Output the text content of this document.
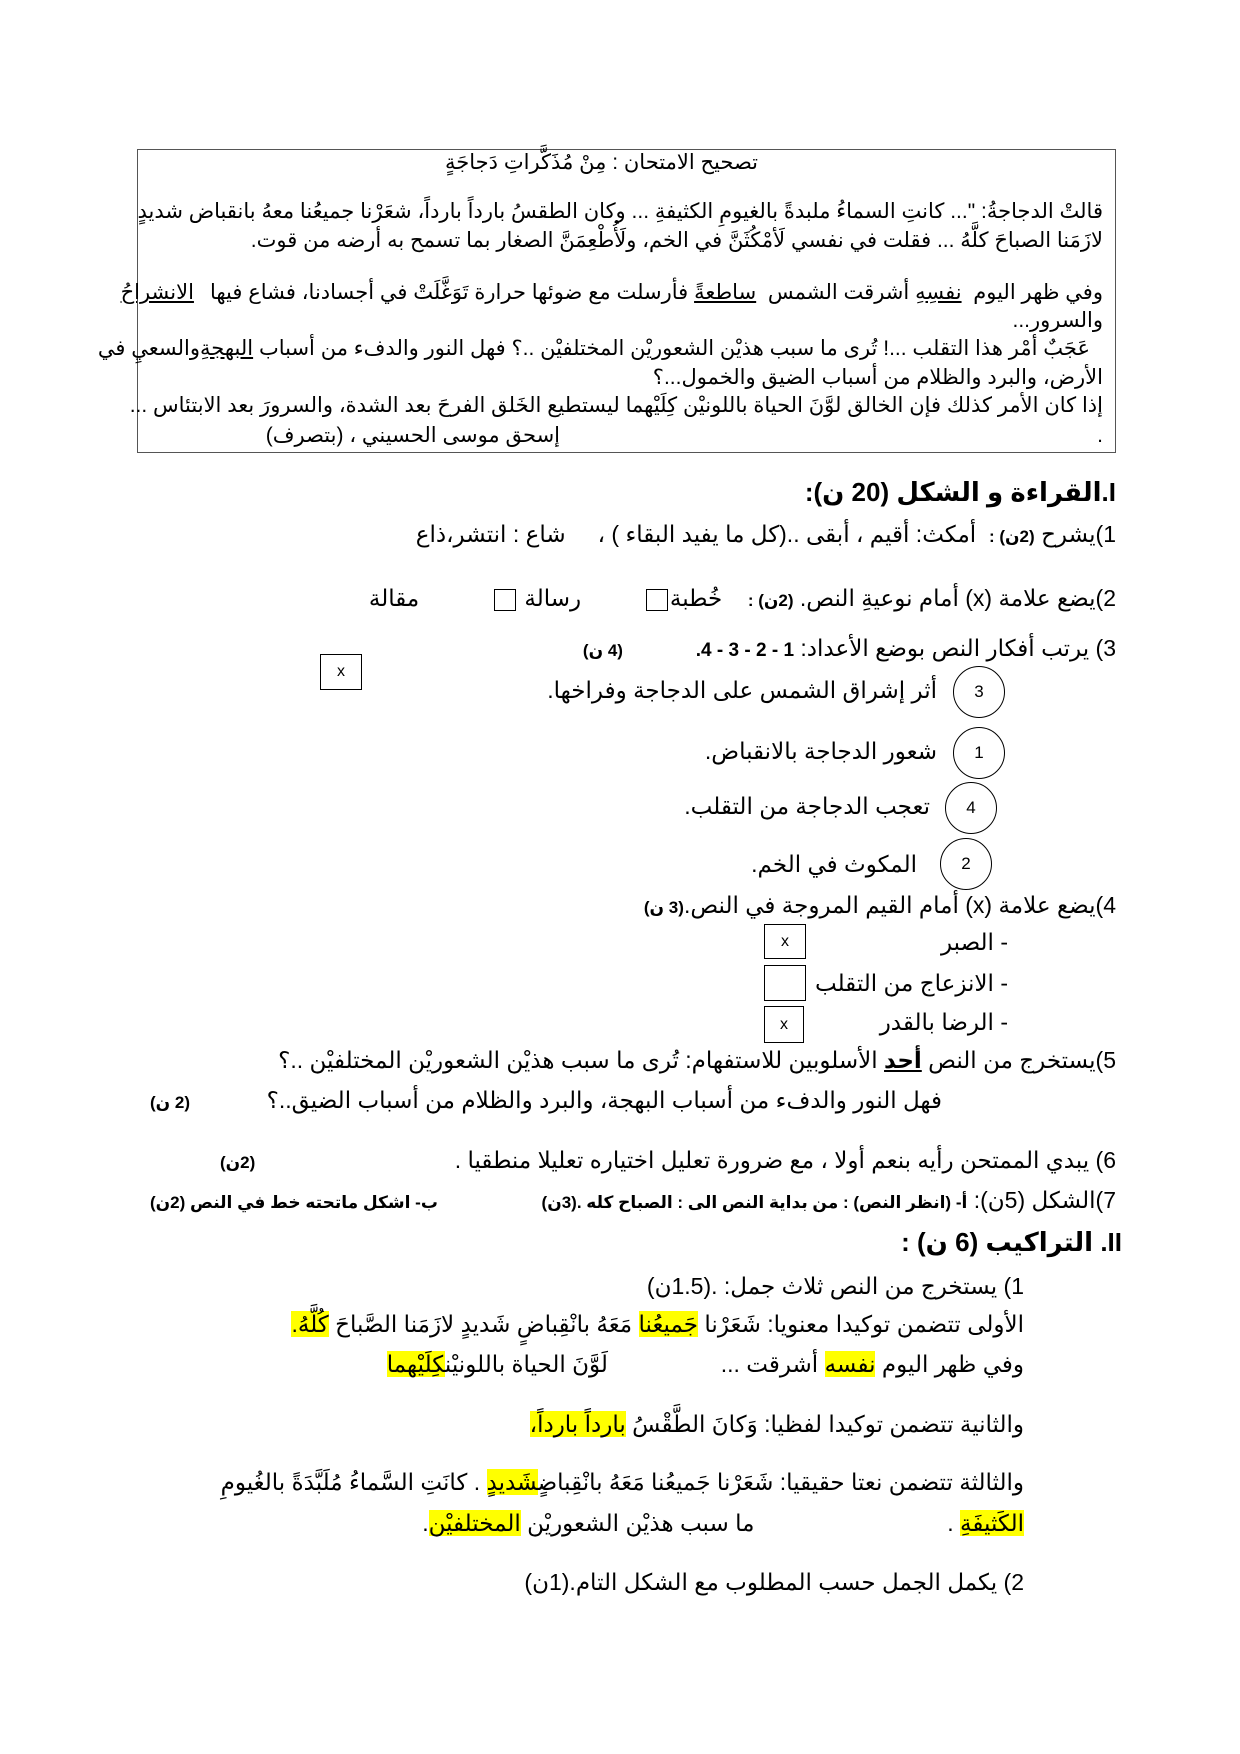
تصحيح الامتحان : مِنْ مُذَكَّراتِ دَجاجَةٍ
قالتْ الدجاجةُ: "... كانتِ السماءُ ملبدةً بالغيومِ الكثيفةِ ... وكان الطقسُ بارداً بارداً، شعَرْنا جميعُنا معهُ بانقباض شديدٍ
لازَمَنا الصباحَ كلَّهُ ... فقلت في نفسي لَأمْكُثَنَّ في الخم، ولَأُطْعِمَنَّ الصغار بما تسمح به أرضه من قوت.
وفي ظهر اليوم  نفسِهِ أشرقت الشمس  ساطعةً فأرسلت مع ضوئها حرارة تَوَغَّلَتْ في أجسادنا، فشاع فيها
الانشراحُ
والسرور...
عَجَبٌ أمْر هذا التقلب ...! تُرى ما سبب هذيْن الشعوريْن المختلفيْن ..؟ فهل النور والدفء من أسباب البهجةِوالسعيِ في
الأرض، والبرد والظلام من أسباب الضيق والخمول...؟
إذا كان الأمر كذلك فإن الخالق لوَّنَ الحياة باللونيْن كِلَيْهما ليستطيع الخَلق الفرحَ بعد الشدة، والسرورَ بعد الابتئاس ...
إسحق موسى الحسيني ، (بتصرف)	.
I.القراءة و الشكل (20 ن):
1)يشرح (2ن) :  أمكث: أقيم ، أبقى ..(كل ما يفيد البقاء ) ،     شاع : انتشر،ذاع
2)يضع علامة (x) أمام نوعيةِ النص. (2ن) :    خُطبة  رسالة   مقالة
3) يرتب أفكار النص بوضع الأعداد: 1 - 2 - 3 - 4.  (4 ن)
x
3
أثر إشراق الشمس على الدجاجة وفراخها.
1
شعور الدجاجة بالانقباض.
4
تعجب الدجاجة من التقلب.
2
المكوث في الخم.
4)يضع علامة (x) أمام القيم المروجة في النص.(3 ن)
- الصبر
x
- الانزعاج من التقلب
- الرضا بالقدر
x
5)يستخرج من النص أحد الأسلوبين للاستفهام: تُرى ما سبب هذيْن الشعوريْن المختلفيْن ..؟
فهل النور والدفء من أسباب البهجة، والبرد والظلام من أسباب الضيق..؟
(2 ن)
6) يبدي الممتحن رأيه بنعم أولا ، مع ضرورة تعليل اختياره تعليلا منطقيا .
(2ن)
7)الشكل (5ن): أ- (انظر النص) : من بداية النص الى : الصباح كله .(3ن)
ب- اشكل ماتحته خط في النص (2ن)
II. التراكيب (6 ن) :
1) يستخرج من النص ثلاث جمل: .(1.5ن)
الأولى تتضمن توكيدا معنويا: شَعَرْنا جَميعُنا مَعَهُ بانْقِباضٍ شَديدٍ لازَمَنا الصَّباحَ كُلَّهُ.
وفي ظهر اليوم نفسه أشرقت ...  لَوَّنَ الحياة باللونيْنكِلَيْهما
والثانية تتضمن توكيدا لفظيا: وَكانَ الطَّقْسُ بارداً بارداً،
والثالثة تتضمن نعتا حقيقيا: شَعَرْنا جَميعُنا مَعَهُ بانْقِباضٍشَديدٍ . كانَتِ السَّماءُ مُلَبَّدَةً بالغُيومِ
الكَثيفَةِ .  ما سبب هذيْن الشعوريْن المختلفيْن.
2) يكمل الجمل حسب المطلوب مع الشكل التام.(1ن)
